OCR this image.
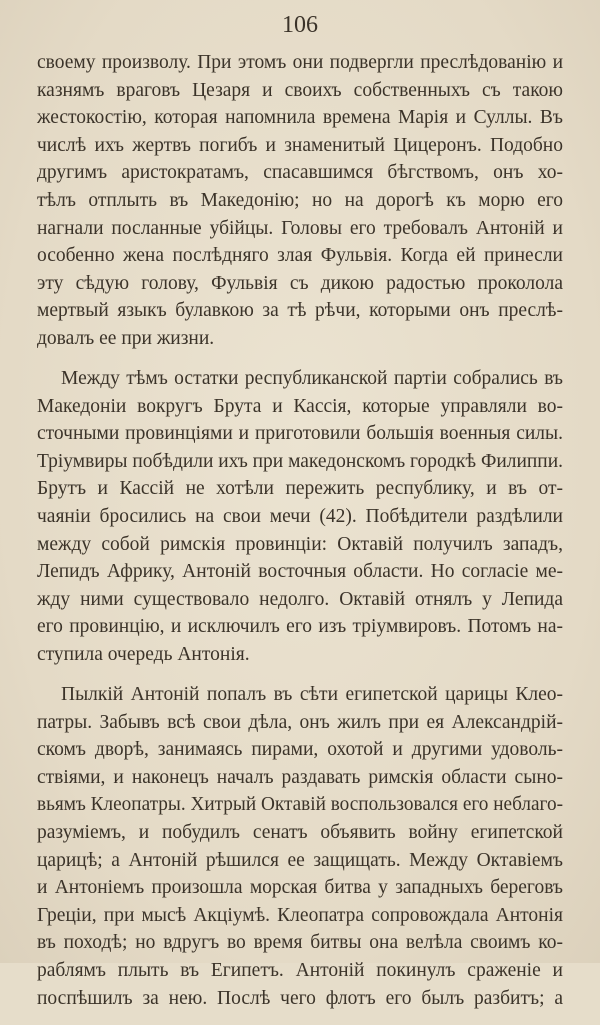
106
своему произволу. При этомъ они подвергли преслѣдованію и
казнямъ враговъ Цезаря и своихъ собственныхъ съ такою
жестокостію, которая напомнила времена Марія и Суллы. Въ
числѣ ихъ жертвъ погибъ и знаменитый Цицеронъ. Подобно
другимъ аристократамъ, спасавшимся бѣгствомъ, онъ хо-
тѣлъ отплыть въ Македонію; но на дорогѣ къ морю его
нагнали посланные убійцы. Головы его требовалъ Антоній и
особенно жена послѣдняго злая Фульвія. Когда ей принесли
эту сѣдую голову, Фульвія съ дикою радостью проколола
мертвый языкъ булавкою за тѣ рѣчи, которыми онъ преслѣ-
довалъ ее при жизни.
Между тѣмъ остатки республиканской партіи собрались въ
Македоніи вокругъ Брута и Кассія, которые управляли во-
сточными провинціями и приготовили большія военныя силы.
Тріумвиры побѣдили ихъ при македонскомъ городкѣ Филиппи.
Брутъ и Кассій не хотѣли пережить республику, и въ от-
чаяніи бросились на свои мечи (42). Побѣдители раздѣлили
между собой римскія провинціи: Октавій получилъ западъ,
Лепидъ Африку, Антоній восточныя области. Но согласіе ме-
жду ними существовало недолго. Октавій отнялъ у Лепида
его провинцію, и исключилъ его изъ тріумвировъ. Потомъ на-
ступила очередь Антонія.
Пылкій Антоній попалъ въ сѣти египетской царицы Клео-
патры. Забывъ всѣ свои дѣла, онъ жилъ при ея Александрій-
скомъ дворѣ, занимаясь пирами, охотой и другими удоволь-
ствіями, и наконецъ началъ раздавать римскія области сыно-
вьямъ Клеопатры. Хитрый Октавій воспользовался его неблаго-
разуміемъ, и побудилъ сенатъ объявить войну египетской
царицѣ; а Антоній рѣшился ее защищать. Между Октавіемъ
и Антоніемъ произошла морская битва у западныхъ береговъ
Греціи, при мысѣ Акціумѣ. Клеопатра сопровождала Антонія
въ походѣ; но вдругъ во время битвы она велѣла своимъ ко-
раблямъ плыть въ Египетъ. Антоній покинулъ сраженіе и
поспѣшилъ за нею. Послѣ чего флотъ его былъ разбитъ; а
